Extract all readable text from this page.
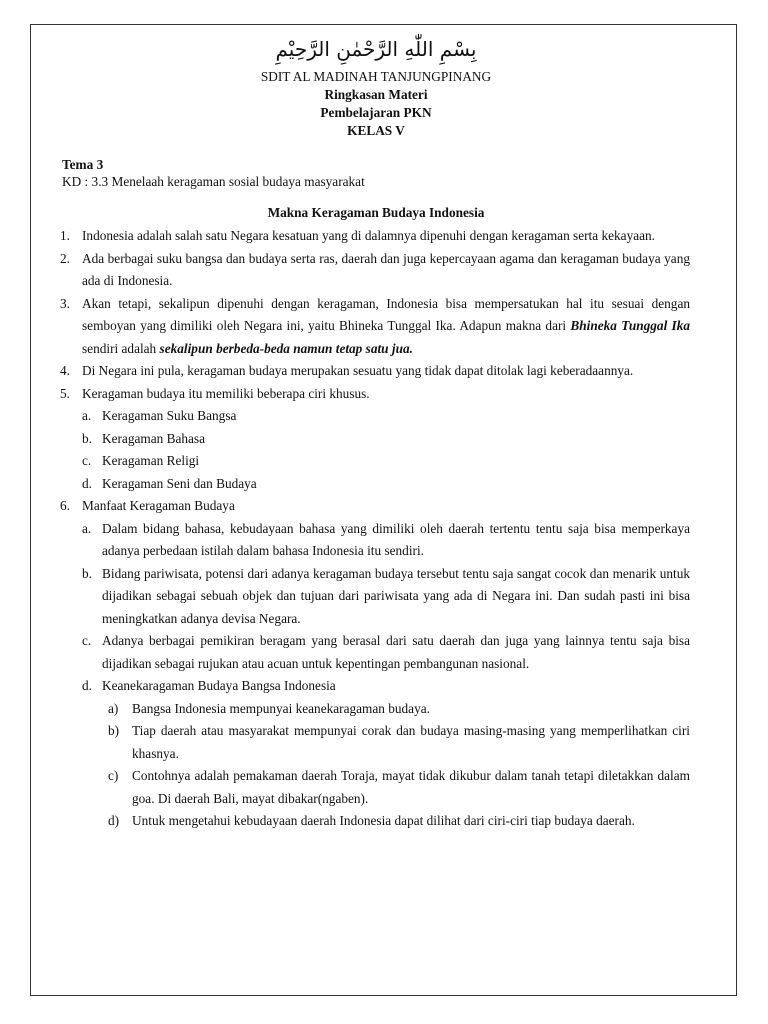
بِسْمِ اللّٰهِ الرَّحْمٰنِ الرَّحِيْمِ
SDIT AL MADINAH TANJUNGPINANG
Ringkasan Materi
Pembelajaran PKN
KELAS V
Tema 3
KD : 3.3 Menelaah keragaman sosial budaya masyarakat
Makna Keragaman Budaya Indonesia
1. Indonesia adalah salah satu Negara kesatuan yang di dalamnya dipenuhi dengan keragaman serta kekayaan.
2. Ada berbagai suku bangsa dan budaya serta ras, daerah dan juga kepercayaan agama dan keragaman budaya yang ada di Indonesia.
3. Akan tetapi, sekalipun dipenuhi dengan keragaman, Indonesia bisa mempersatukan hal itu sesuai dengan semboyan yang dimiliki oleh Negara ini, yaitu Bhineka Tunggal Ika. Adapun makna dari Bhineka Tunggal Ika sendiri adalah sekalipun berbeda-beda namun tetap satu jua.
4. Di Negara ini pula, keragaman budaya merupakan sesuatu yang tidak dapat ditolak lagi keberadaannya.
5. Keragaman budaya itu memiliki beberapa ciri khusus.
a. Keragaman Suku Bangsa
b. Keragaman Bahasa
c. Keragaman Religi
d. Keragaman Seni dan Budaya
6. Manfaat Keragaman Budaya
a. Dalam bidang bahasa, kebudayaan bahasa yang dimiliki oleh daerah tertentu tentu saja bisa memperkaya adanya perbedaan istilah dalam bahasa Indonesia itu sendiri.
b. Bidang pariwisata, potensi dari adanya keragaman budaya tersebut tentu saja sangat cocok dan menarik untuk dijadikan sebagai sebuah objek dan tujuan dari pariwisata yang ada di Negara ini. Dan sudah pasti ini bisa meningkatkan adanya devisa Negara.
c. Adanya berbagai pemikiran beragam yang berasal dari satu daerah dan juga yang lainnya tentu saja bisa dijadikan sebagai rujukan atau acuan untuk kepentingan pembangunan nasional.
d. Keanekaragaman Budaya Bangsa Indonesia
a) Bangsa Indonesia mempunyai keanekaragaman budaya.
b) Tiap daerah atau masyarakat mempunyai corak dan budaya masing-masing yang memperlihatkan ciri khasnya.
c) Contohnya adalah pemakaman daerah Toraja, mayat tidak dikubur dalam tanah tetapi diletakkan dalam goa. Di daerah Bali, mayat dibakar(ngaben).
d) Untuk mengetahui kebudayaan daerah Indonesia dapat dilihat dari ciri-ciri tiap budaya daerah.
